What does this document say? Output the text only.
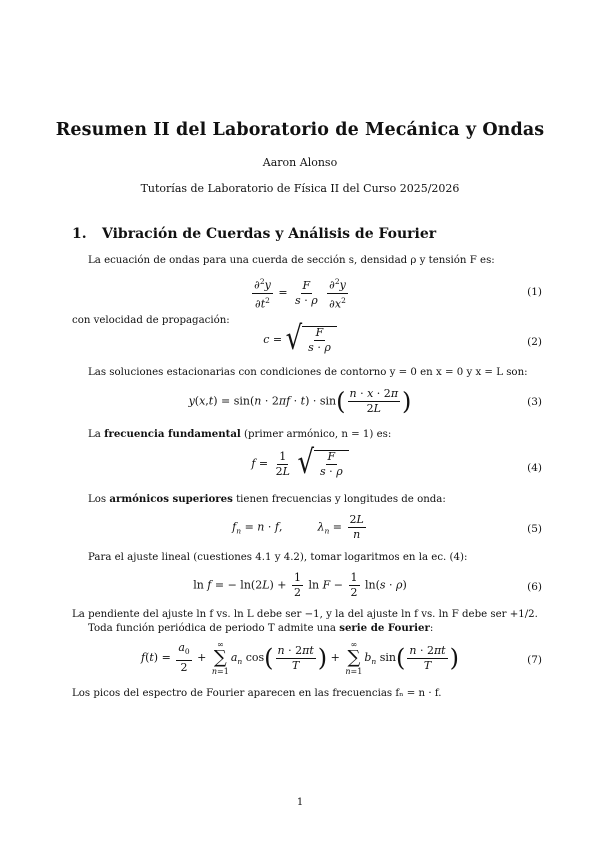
Resumen II del Laboratorio de Mecánica y Ondas
Aaron Alonso
Tutorías de Laboratorio de Física II del Curso 2025/2026
1. Vibración de Cuerdas y Análisis de Fourier
La ecuación de ondas para una cuerda de sección s, densidad ρ y tensión F es:
$\frac{\partial^2y}{\partial t^2} = \frac{F}{s \cdot \rho}$
$\frac{\partial^2y}{\partial x^2}$	(1)
con velocidad de propagación:
c = √ F
s · ρ	(2)
Las soluciones estacionarias con condiciones de contorno y = 0 en x = 0 y x = L son:
$y(x,t) = \sin(n \cdot 2\pi f \cdot t) \cdot \sin( \frac{n \cdot x \cdot 2\pi}{2L}$ )	(3)
La frecuencia fundamental (primer armónico, n = 1) es:
$f = \frac{1}{2L}$
√ F
s · ρ	(4)
Los armónicos superiores tienen frecuencias y longitudes de onda:
$f_n = n \cdot f$,	$\lambda_n = \frac{2L}{n}$	(5)
Para el ajuste lineal (cuestiones 4.1 y 4.2), tomar logaritmos en la ec. (4):
ln f = − $\ln(2L) + \frac{1}{2}$ $\ln F - \frac{1}{2} \ln(s \cdot \rho)$	(6)
La pendiente del ajuste ln f vs. ln L debe ser −1, y la del ajuste ln f vs. ln F debe ser +1/2.
Toda función periódica de periodo T admite una serie de Fourier:
$f(t) = \frac{a_0}{2}$ +
∞
∑
n=1
$a_n$ $\cos( \frac{n \cdot 2\pi t}{T}$ ) +
∞
∑
n=1
$b_n$ $\sin( \frac{n \cdot 2\pi t}{T}$ )	(7)
Los picos del espectro de Fourier aparecen en las frecuencias fₙ = n · f.
1
